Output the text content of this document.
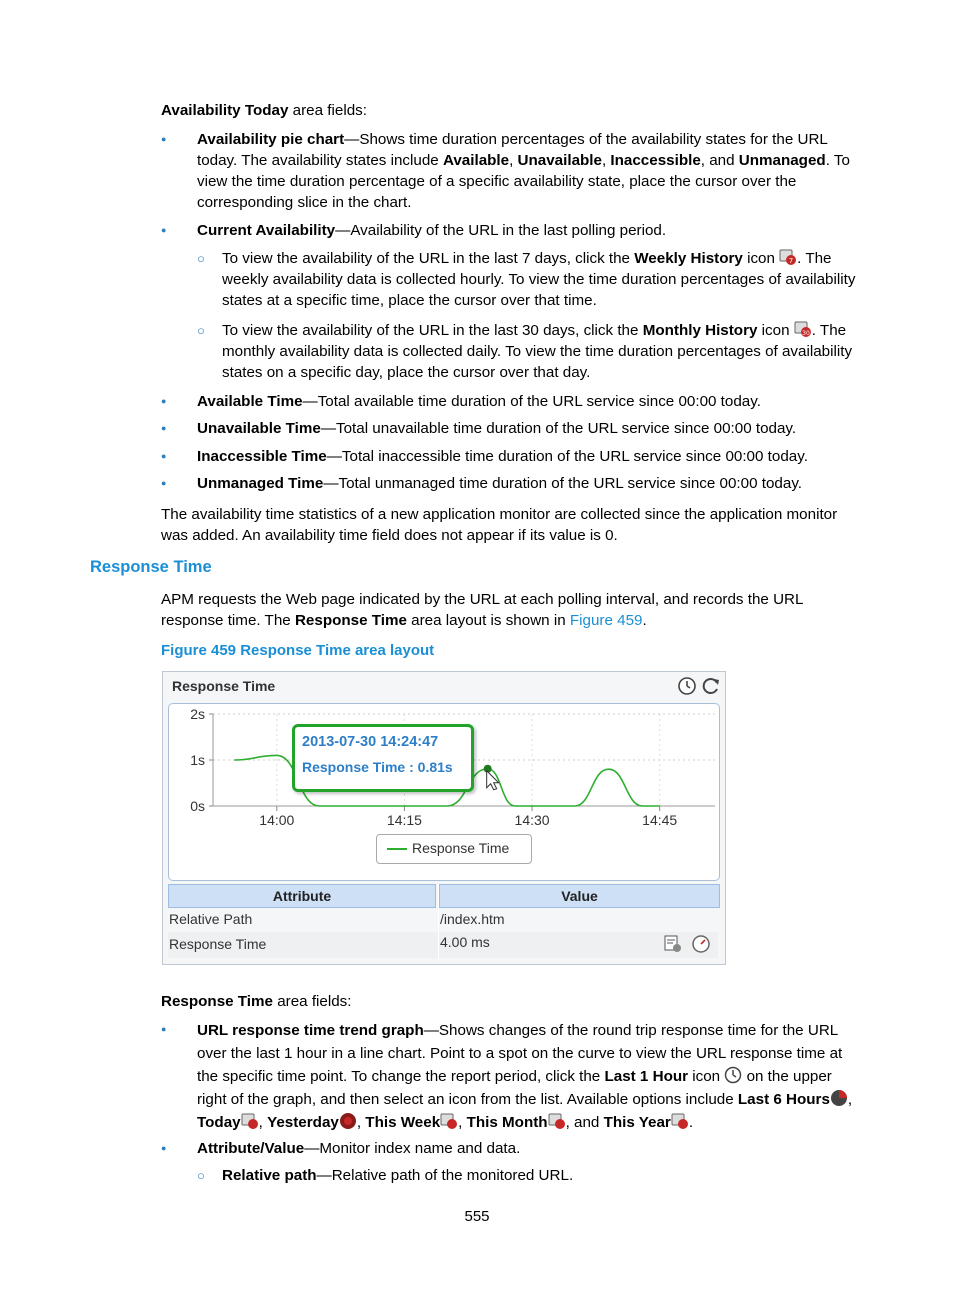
Availability Today area fields:
●
Availability pie chart—Shows time duration percentages of the availability states for the URL today. The availability states include Available, Unavailable, Inaccessible, and Unmanaged. To view the time duration percentage of a specific availability state, place the cursor over the corresponding slice in the chart.
●
Current Availability—Availability of the URL in the last polling period.
○ To view the availability of the URL in the last 7 days, click the Weekly History icon 7 . The weekly availability data is collected hourly. To view the time duration percentages of availability states at a specific time, place the cursor over that time.
○ To view the availability of the URL in the last 30 days, click the Monthly History icon 30 . The monthly availability data is collected daily. To view the time duration percentages of availability states on a specific day, place the cursor over that day.
●
Available Time—Total available time duration of the URL service since 00:00 today.
●
Unavailable Time—Total unavailable time duration of the URL service since 00:00 today.
●
Inaccessible Time—Total inaccessible time duration of the URL service since 00:00 today.
●
Unmanaged Time—Total unmanaged time duration of the URL service since 00:00 today.
The availability time statistics of a new application monitor are collected since the application monitor was added. An availability time field does not appear if its value is 0.
Response Time
APM requests the Web page indicated by the URL at each polling interval, and records the URL response time. The Response Time area layout is shown in Figure 459.
Figure 459 Response Time area layout
Response Time

0s
1s
2s
14:00	14:15	14:30	14:45
2013-07-30 14:24:47
Response Time : 0.81s
Response Time
Attribute	Value
Relative Path	/index.htm
Response Time	4.00 ms
Response Time area fields:
●
URL response time trend graph—Shows changes of the round trip response time for the URL over the last 1 hour in a line chart. Point to a spot on the curve to view the URL response time at the specific time point. To change the report period, click the Last 1 Hour icon  on the upper right of the graph, and then select an icon from the list. Available options include Last 6 Hours , Today , Yesterday , This Week , This Month , and This Year .
●
Attribute/Value—Monitor index name and data.
○ Relative path—Relative path of the monitored URL.
555
